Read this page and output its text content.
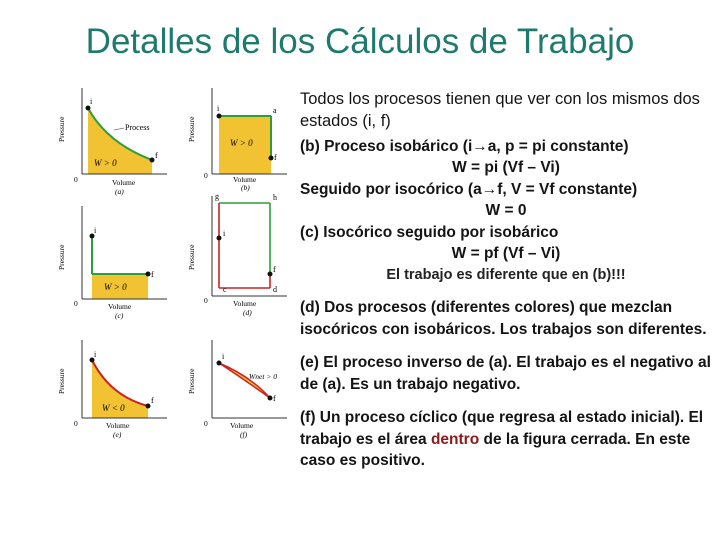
Detalles de los Cálculos de Trabajo
i
f
Process
W > 0
Pressure
Volume
(a)
0
i	a
f
W > 0
Pressure
Volume
(b)
0
i
f
W > 0
Pressure
Volume
(c)
0
i
f
g	h
c	d
Pressure
Volume
(d)
0
i
f
W < 0
Pressure
Volume
(e)
0
i
f
Wnet > 0
Pressure
Volume
(f)
0

Todos los procesos tienen que ver con los mismos dos estados (i, f)

(b) Proceso isobárico (i→a, p = pi constante)

W = pi (Vf – Vi)

Seguido por isocórico (a→f, V = Vf constante)

W = 0

(c) Isocórico seguido por isobárico

W = pf (Vf – Vi)
El trabajo es diferente que en (b)!!!
(d) Dos procesos (diferentes colores) que mezclan isocóricos con isobáricos. Los trabajos son diferentes.
(e) El proceso inverso de (a). El trabajo es el negativo al de (a). Es un trabajo negativo.
(f) Un proceso cíclico (que regresa al estado inicial). El trabajo es el área dentro de la figura cerrada. En este caso es positivo.
